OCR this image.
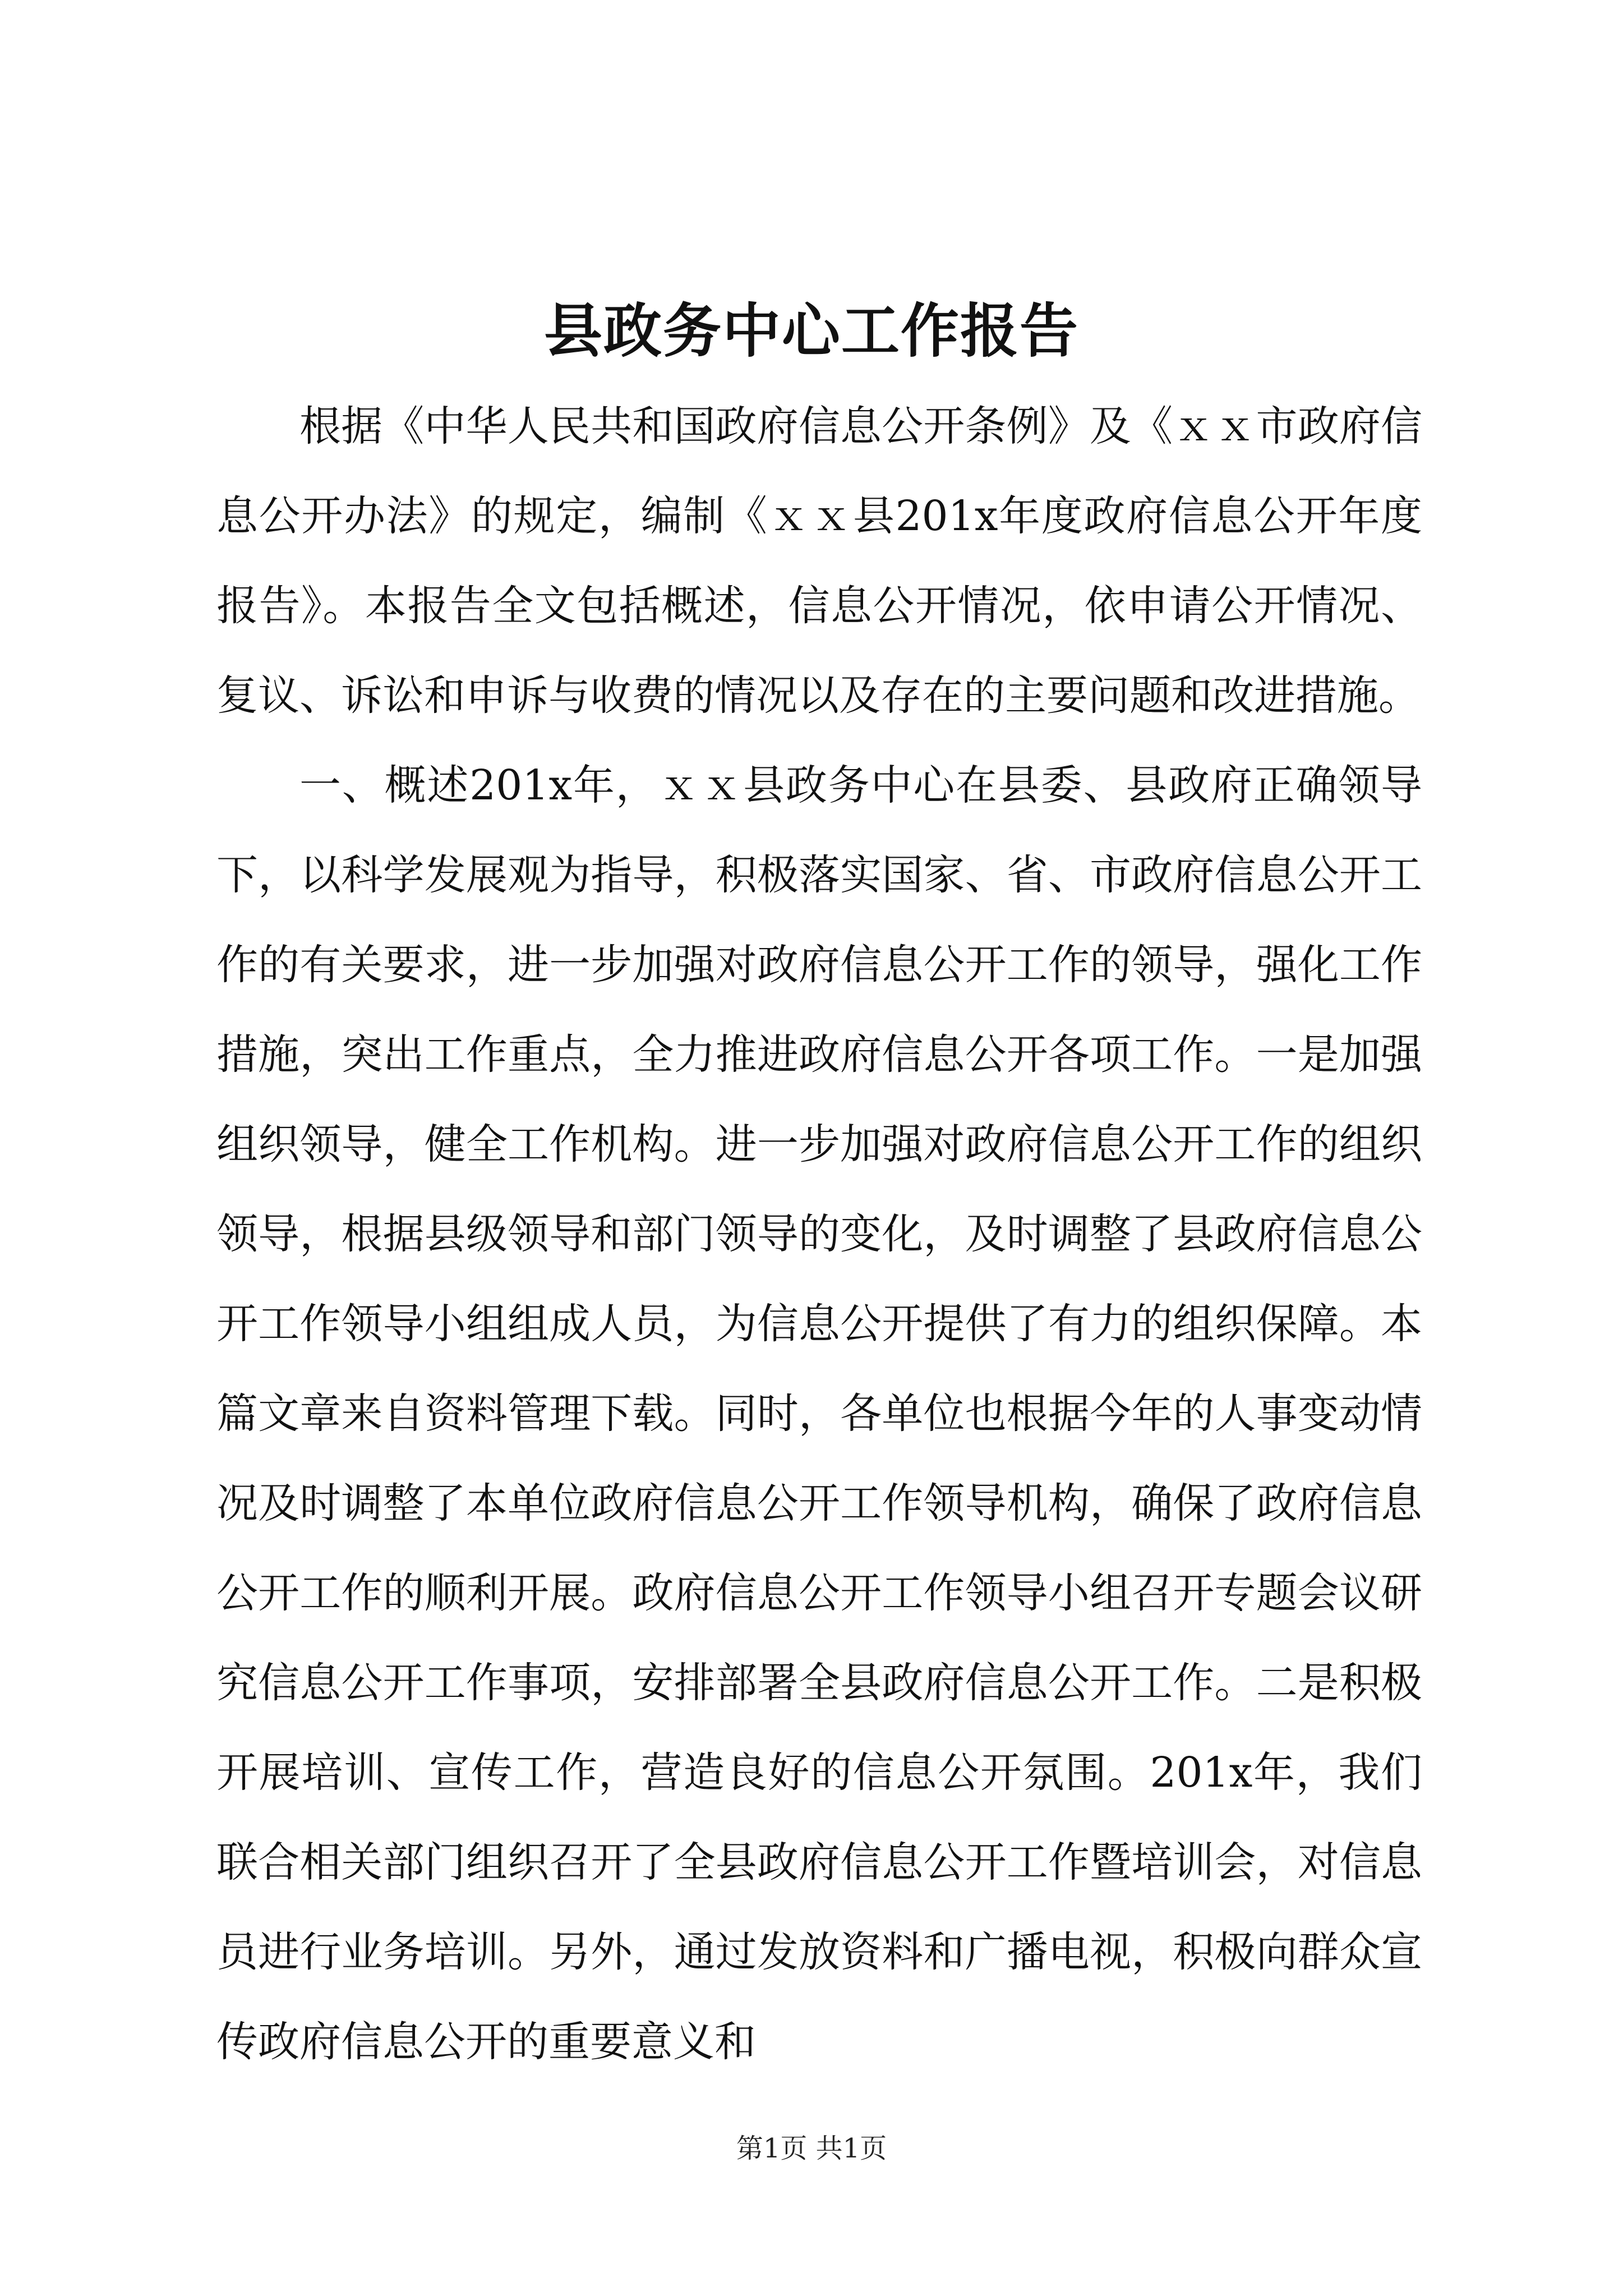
县政务中心工作报告

根据《中华人民共和国政府信息公开条例》及《ｘｘ市政府信息公开办法》的规定，编制《ｘｘ县201x年度政府信息公开年度报告》。本报告全文包括概述，信息公开情况，依申请公开情况、复议、诉讼和申诉与收费的情况以及存在的主要问题和改进措施。

一、概述201x年，ｘｘ县政务中心在县委、县政府正确领导下，以科学发展观为指导，积极落实国家、省、市政府信息公开工作的有关要求，进一步加强对政府信息公开工作的领导，强化工作措施，突出工作重点，全力推进政府信息公开各项工作。一是加强组织领导，健全工作机构。进一步加强对政府信息公开工作的组织领导，根据县级领导和部门领导的变化，及时调整了县政府信息公开工作领导小组组成人员，为信息公开提供了有力的组织保障。本篇文章来自资料管理下载。同时，各单位也根据今年的人事变动情况及时调整了本单位政府信息公开工作领导机构，确保了政府信息公开工作的顺利开展。政府信息公开工作领导小组召开专题会议研究信息公开工作事项，安排部署全县政府信息公开工作。二是积极开展培训、宣传工作，营造良好的信息公开氛围。201x年，我们联合相关部门组织召开了全县政府信息公开工作暨培训会，对信息员进行业务培训。另外，通过发放资料和广播电视，积极向群众宣传政府信息公开的重要意义和

第1页 共1页
